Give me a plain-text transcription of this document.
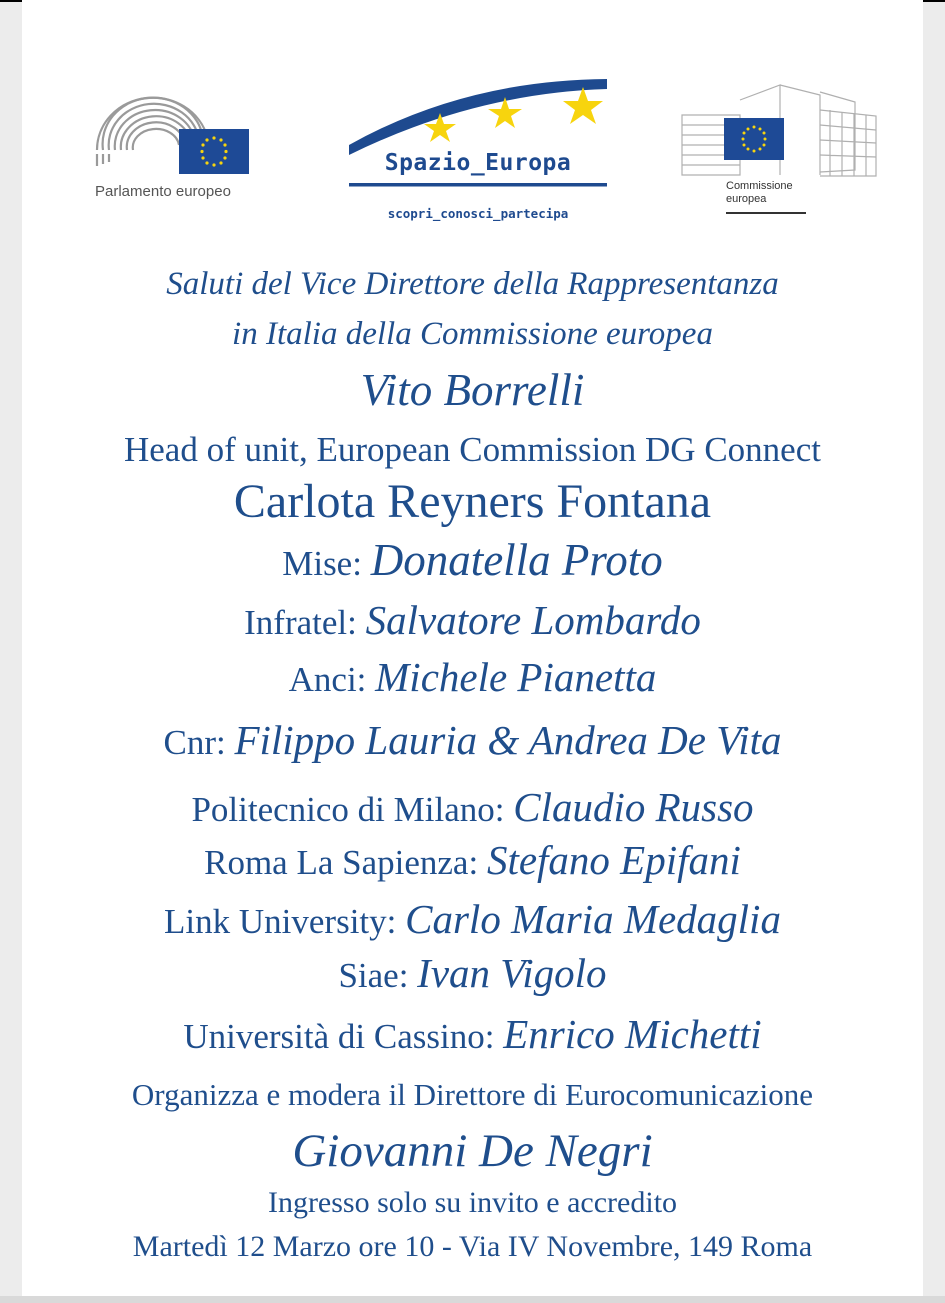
Parlamento europeo
Spazio_Europa
scopri_conosci_partecipa
Commissione
europea
Saluti del Vice Direttore della Rappresentanza
in Italia della Commissione europea
Vito Borrelli
Head of unit, European Commission DG Connect
Carlota Reyners Fontana
Mise: Donatella Proto
Infratel: Salvatore Lombardo
Anci: Michele Pianetta
Cnr: Filippo Lauria & Andrea De Vita
Politecnico di Milano: Claudio Russo
Roma La Sapienza: Stefano Epifani
Link University: Carlo Maria Medaglia
Siae: Ivan Vigolo
Università di Cassino: Enrico Michetti
Organizza e modera il Direttore di Eurocomunicazione
Giovanni De Negri
Ingresso solo su invito e accredito
Martedì 12 Marzo ore 10 - Via IV Novembre, 149 Roma
